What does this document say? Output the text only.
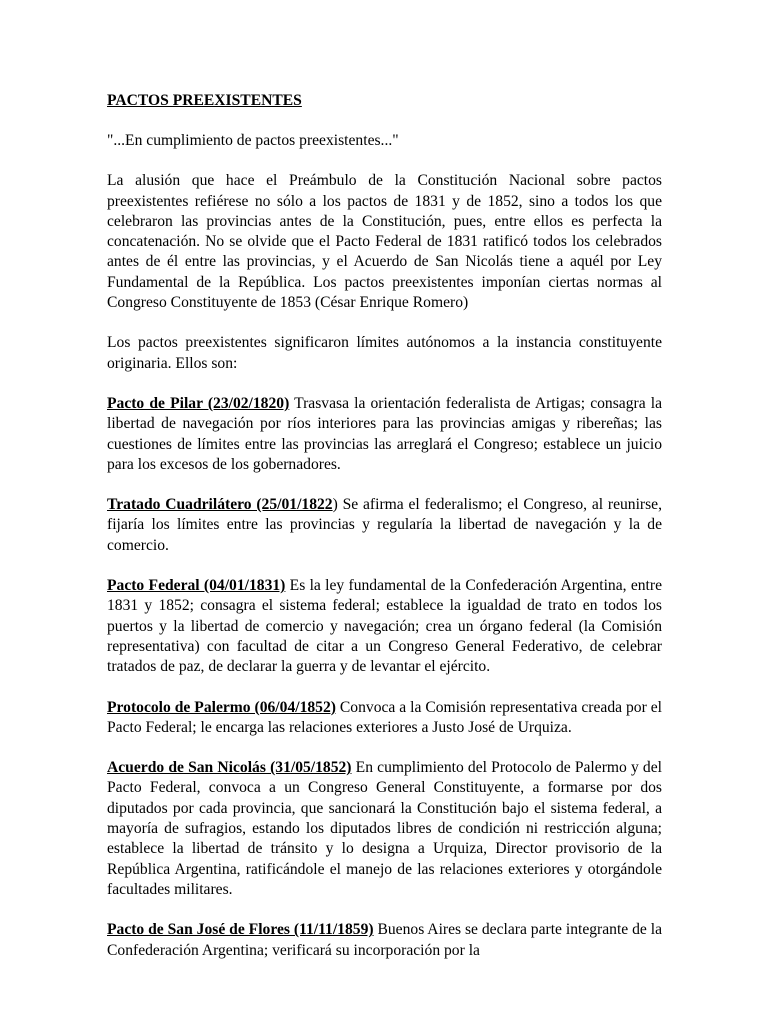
PACTOS PREEXISTENTES

"...En cumplimiento de pactos preexistentes..."

La alusión que hace el Preámbulo de la Constitución Nacional sobre pactos preexistentes refiérese no sólo a los pactos de 1831 y de 1852, sino a todos los que celebraron las provincias antes de la Constitución, pues, entre ellos es perfecta la concatenación. No se olvide que el Pacto Federal de 1831 ratificó todos los celebrados antes de él entre las provincias, y el Acuerdo de San Nicolás tiene a aquél por Ley Fundamental de la República. Los pactos preexistentes imponían ciertas normas al Congreso Constituyente de 1853 (César Enrique Romero)

Los pactos preexistentes significaron límites autónomos a la instancia constituyente originaria. Ellos son:

Pacto de Pilar (23/02/1820) Trasvasa la orientación federalista de Artigas; consagra la libertad de navegación por ríos interiores para las provincias amigas y ribereñas; las cuestiones de límites entre las provincias las arreglará el Congreso; establece un juicio para los excesos de los gobernadores.

Tratado Cuadrilátero (25/01/1822) Se afirma el federalismo; el Congreso, al reunirse, fijaría los límites entre las provincias y regularía la libertad de navegación y la de comercio.

Pacto Federal (04/01/1831) Es la ley fundamental de la Confederación Argentina, entre 1831 y 1852; consagra el sistema federal; establece la igualdad de trato en todos los puertos y la libertad de comercio y navegación; crea un órgano federal (la Comisión representativa) con facultad de citar a un Congreso General Federativo, de celebrar tratados de paz, de declarar la guerra y de levantar el ejército.

Protocolo de Palermo (06/04/1852) Convoca a la Comisión representativa creada por el Pacto Federal; le encarga las relaciones exteriores a Justo José de Urquiza.

Acuerdo de San Nicolás (31/05/1852) En cumplimiento del Protocolo de Palermo y del Pacto Federal, convoca a un Congreso General Constituyente, a formarse por dos diputados por cada provincia, que sancionará la Constitución bajo el sistema federal, a mayoría de sufragios, estando los diputados libres de condición ni restricción alguna; establece la libertad de tránsito y lo designa a Urquiza, Director provisorio de la República Argentina, ratificándole el manejo de las relaciones exteriores y otorgándole facultades militares.

Pacto de San José de Flores (11/11/1859) Buenos Aires se declara parte integrante de la Confederación Argentina; verificará su incorporación por la
